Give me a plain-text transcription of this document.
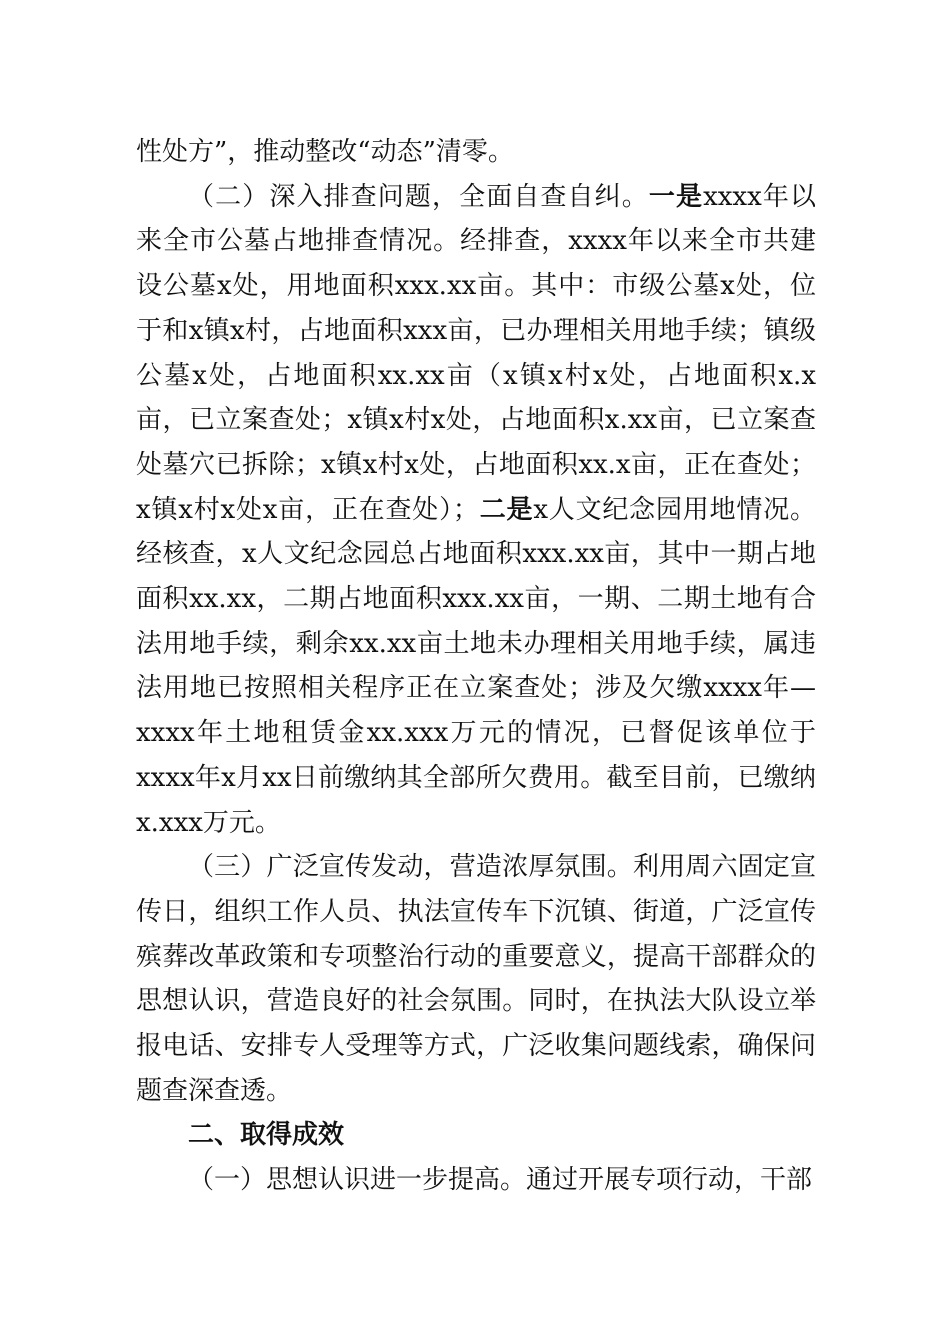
性处方”，推动整改“动态”清零。

（二）深入排查问题，全面自查自纠。一是xxxx年以来全市公墓占地排查情况。经排查，xxxx年以来全市共建设公墓x处，用地面积xxx.xx亩。其中：市级公墓x处，位于和x镇x村，占地面积xxx亩，已办理相关用地手续；镇级公墓x处，占地面积xx.xx亩（x镇x村x处，占地面积x.x亩，已立案查处；x镇x村x处，占地面积x.xx亩，已立案查处墓穴已拆除；x镇x村x处，占地面积xx.x亩，正在查处；x镇x村x处x亩，正在查处）；二是x人文纪念园用地情况。经核查，x人文纪念园总占地面积xxx.xx亩，其中一期占地面积xx.xx，二期占地面积xxx.xx亩，一期、二期土地有合法用地手续，剩余xx.xx亩土地未办理相关用地手续，属违法用地已按照相关程序正在立案查处；涉及欠缴xxxx年—xxxx年土地租赁金xx.xxx万元的情况，已督促该单位于xxxx年x月xx日前缴纳其全部所欠费用。截至目前，已缴纳x.xxx万元。

（三）广泛宣传发动，营造浓厚氛围。利用周六固定宣传日，组织工作人员、执法宣传车下沉镇、街道，广泛宣传殡葬改革政策和专项整治行动的重要意义，提高干部群众的思想认识，营造良好的社会氛围。同时，在执法大队设立举报电话、安排专人受理等方式，广泛收集问题线索，确保问题查深查透。

二、取得成效

（一）思想认识进一步提高。通过开展专项行动，干部
